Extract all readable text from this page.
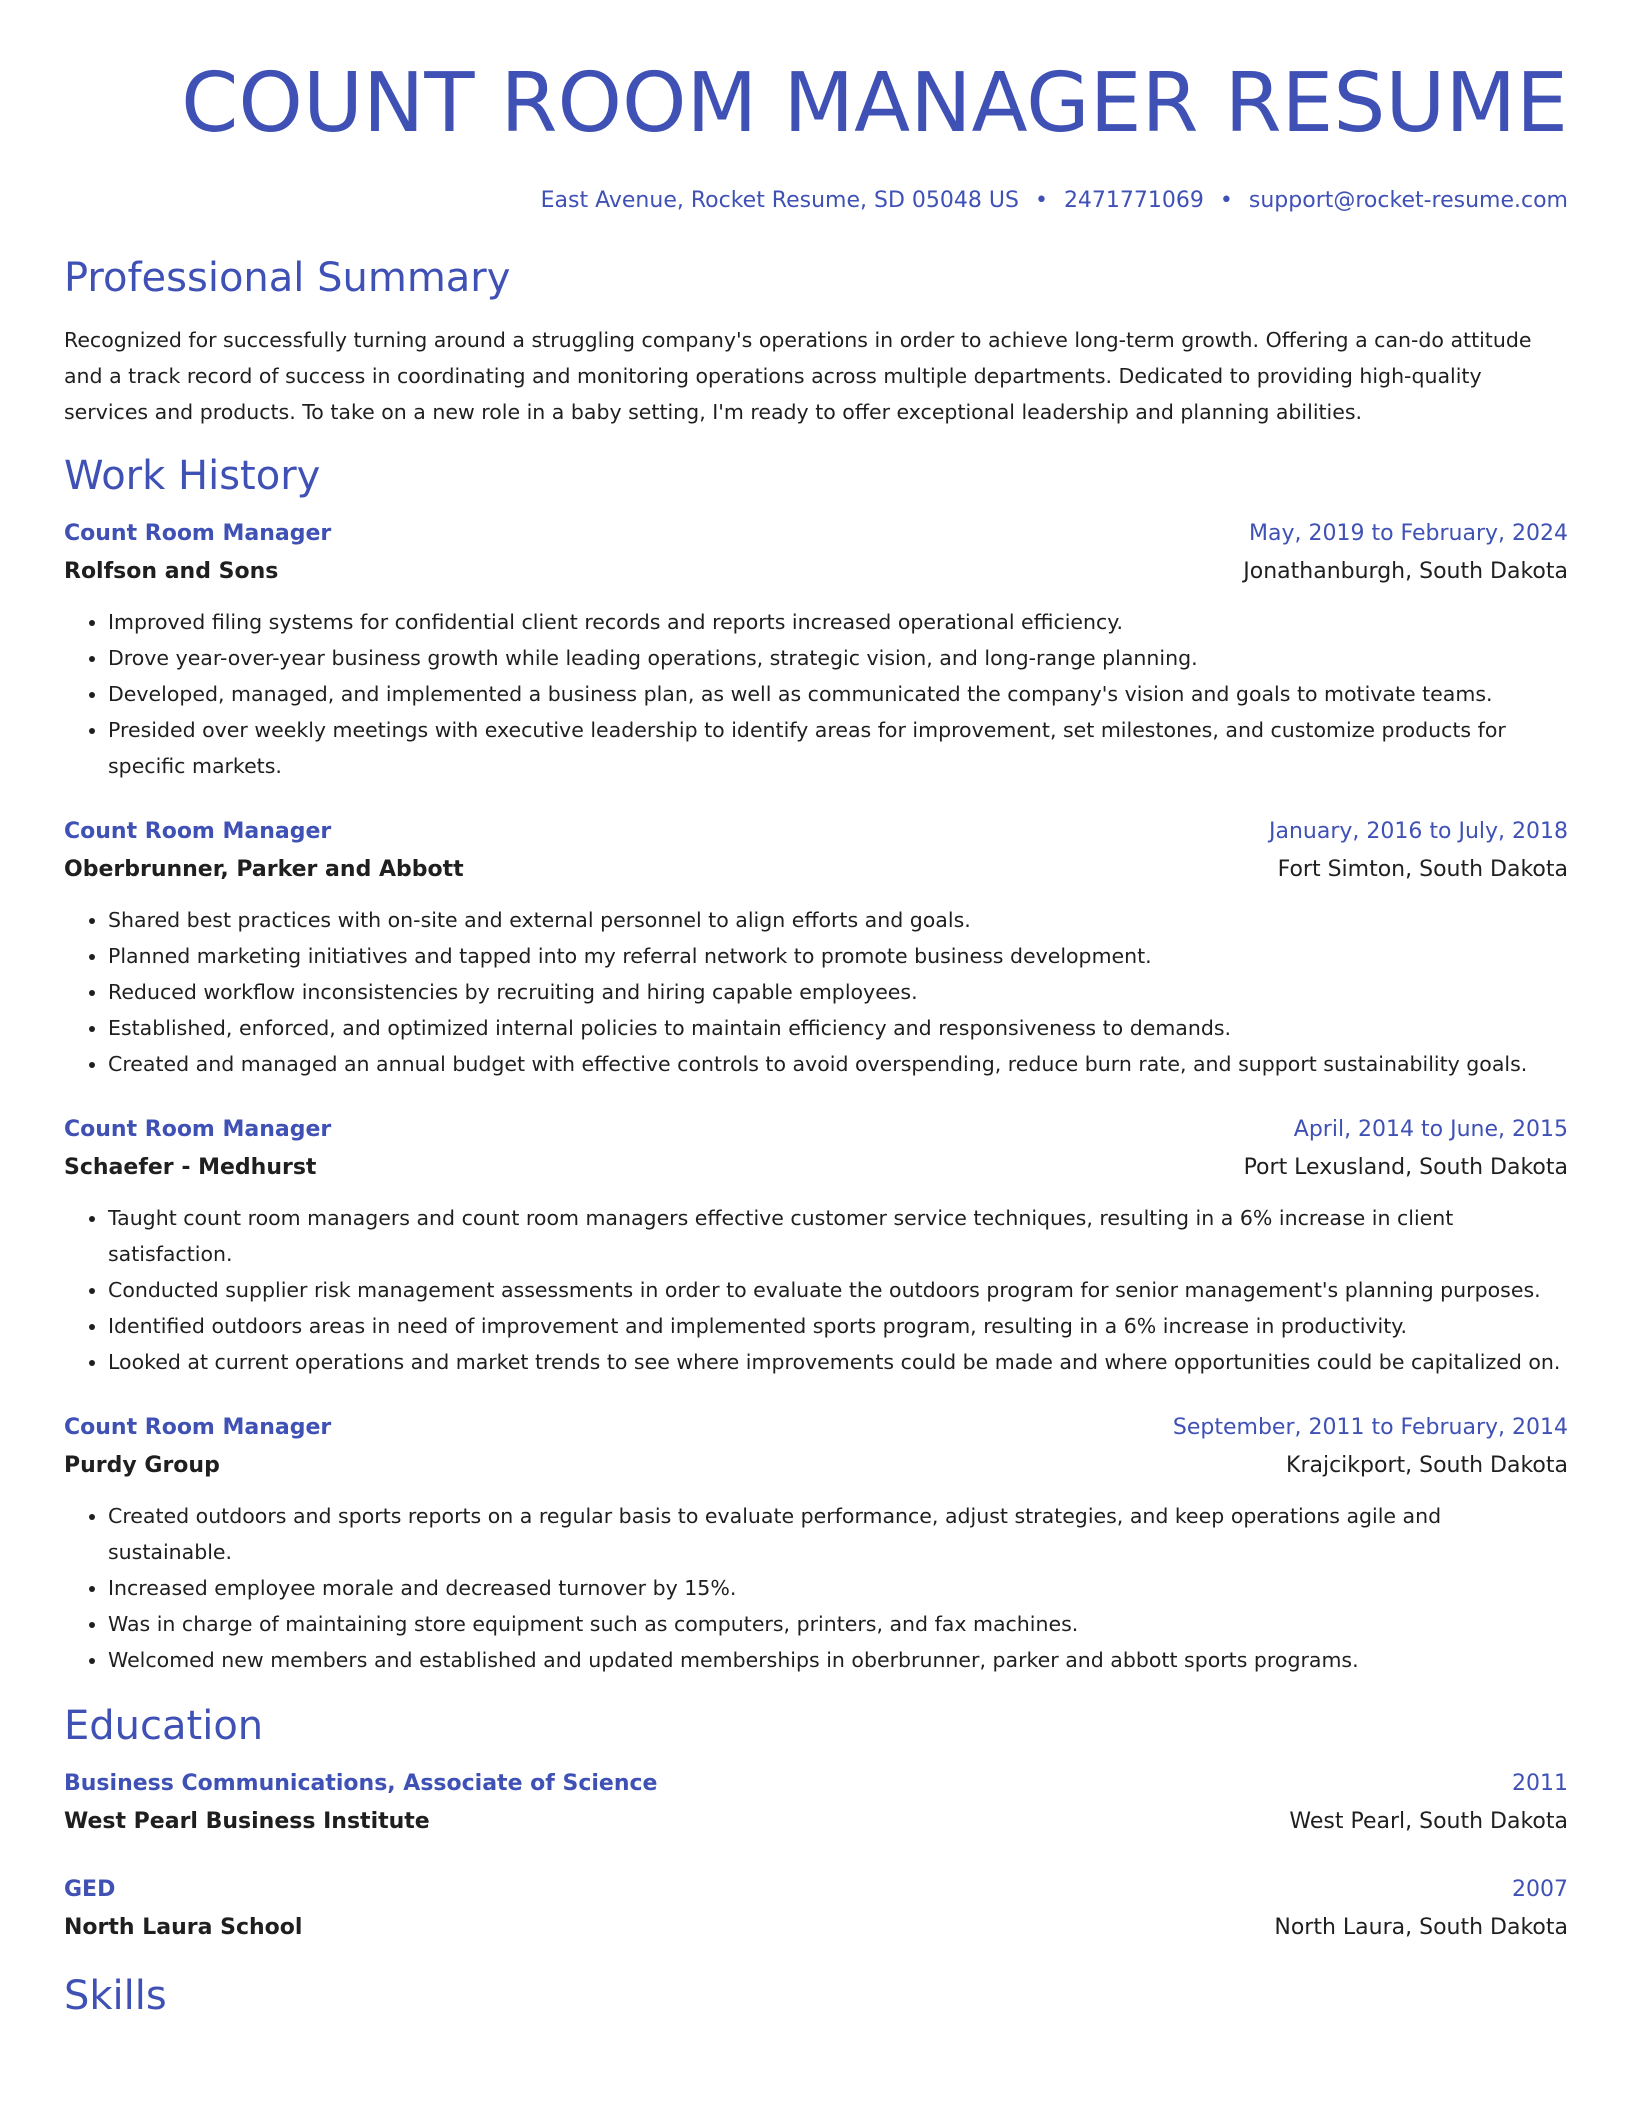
COUNT ROOM MANAGER RESUME
East Avenue, Rocket Resume, SD 05048 US • 2471771069 • support@rocket-resume.com
Professional Summary
Recognized for successfully turning around a struggling company's operations in order to achieve long-term growth. Offering a can-do attitude and a track record of success in coordinating and monitoring operations across multiple departments. Dedicated to providing high-quality services and products. To take on a new role in a baby setting, I'm ready to offer exceptional leadership and planning abilities.
Work History
Count Room Manager	May, 2019 to February, 2024
Rolfson and Sons	Jonathanburgh, South Dakota
• Improved filing systems for confidential client records and reports increased operational efficiency.
• Drove year-over-year business growth while leading operations, strategic vision, and long-range planning.
• Developed, managed, and implemented a business plan, as well as communicated the company's vision and goals to motivate teams.
• Presided over weekly meetings with executive leadership to identify areas for improvement, set milestones, and customize products for specific markets.
Count Room Manager	January, 2016 to July, 2018
Oberbrunner, Parker and Abbott	Fort Simton, South Dakota
• Shared best practices with on-site and external personnel to align efforts and goals.
• Planned marketing initiatives and tapped into my referral network to promote business development.
• Reduced workflow inconsistencies by recruiting and hiring capable employees.
• Established, enforced, and optimized internal policies to maintain efficiency and responsiveness to demands.
• Created and managed an annual budget with effective controls to avoid overspending, reduce burn rate, and support sustainability goals.
Count Room Manager	April, 2014 to June, 2015
Schaefer - Medhurst	Port Lexusland, South Dakota
• Taught count room managers and count room managers effective customer service techniques, resulting in a 6% increase in client satisfaction.
• Conducted supplier risk management assessments in order to evaluate the outdoors program for senior management's planning purposes.
• Identified outdoors areas in need of improvement and implemented sports program, resulting in a 6% increase in productivity.
• Looked at current operations and market trends to see where improvements could be made and where opportunities could be capitalized on.
Count Room Manager	September, 2011 to February, 2014
Purdy Group	Krajcikport, South Dakota
• Created outdoors and sports reports on a regular basis to evaluate performance, adjust strategies, and keep operations agile and sustainable.
• Increased employee morale and decreased turnover by 15%.
• Was in charge of maintaining store equipment such as computers, printers, and fax machines.
• Welcomed new members and established and updated memberships in oberbrunner, parker and abbott sports programs.
Education
Business Communications, Associate of Science	2011
West Pearl Business Institute	West Pearl, South Dakota
GED	2007
North Laura School	North Laura, South Dakota
Skills
